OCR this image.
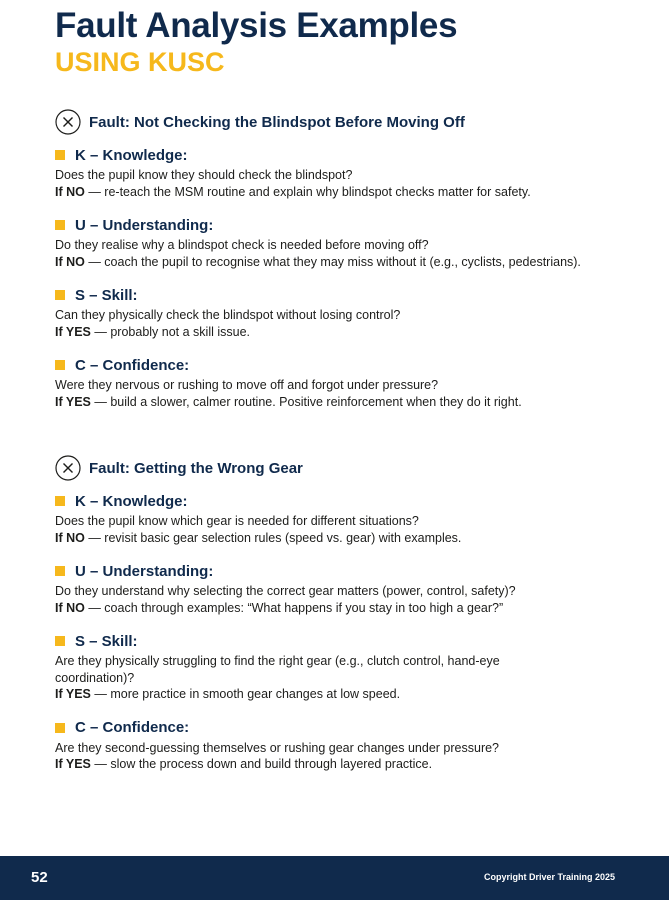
Fault Analysis Examples
USING KUSC
Fault: Not Checking the Blindspot Before Moving Off
K – Knowledge:
Does the pupil know they should check the blindspot?
If NO — re-teach the MSM routine and explain why blindspot checks matter for safety.
U – Understanding:
Do they realise why a blindspot check is needed before moving off?
If NO — coach the pupil to recognise what they may miss without it (e.g., cyclists, pedestrians).
S – Skill:
Can they physically check the blindspot without losing control?
If YES — probably not a skill issue.
C – Confidence:
Were they nervous or rushing to move off and forgot under pressure?
If YES — build a slower, calmer routine. Positive reinforcement when they do it right.
Fault: Getting the Wrong Gear
K – Knowledge:
Does the pupil know which gear is needed for different situations?
If NO — revisit basic gear selection rules (speed vs. gear) with examples.
U – Understanding:
Do they understand why selecting the correct gear matters (power, control, safety)?
If NO — coach through examples: “What happens if you stay in too high a gear?”
S – Skill:
Are they physically struggling to find the right gear (e.g., clutch control, hand-eye coordination)?
If YES — more practice in smooth gear changes at low speed.
C – Confidence:
Are they second-guessing themselves or rushing gear changes under pressure?
If YES — slow the process down and build through layered practice.
52	Copyright Driver Training 2025
